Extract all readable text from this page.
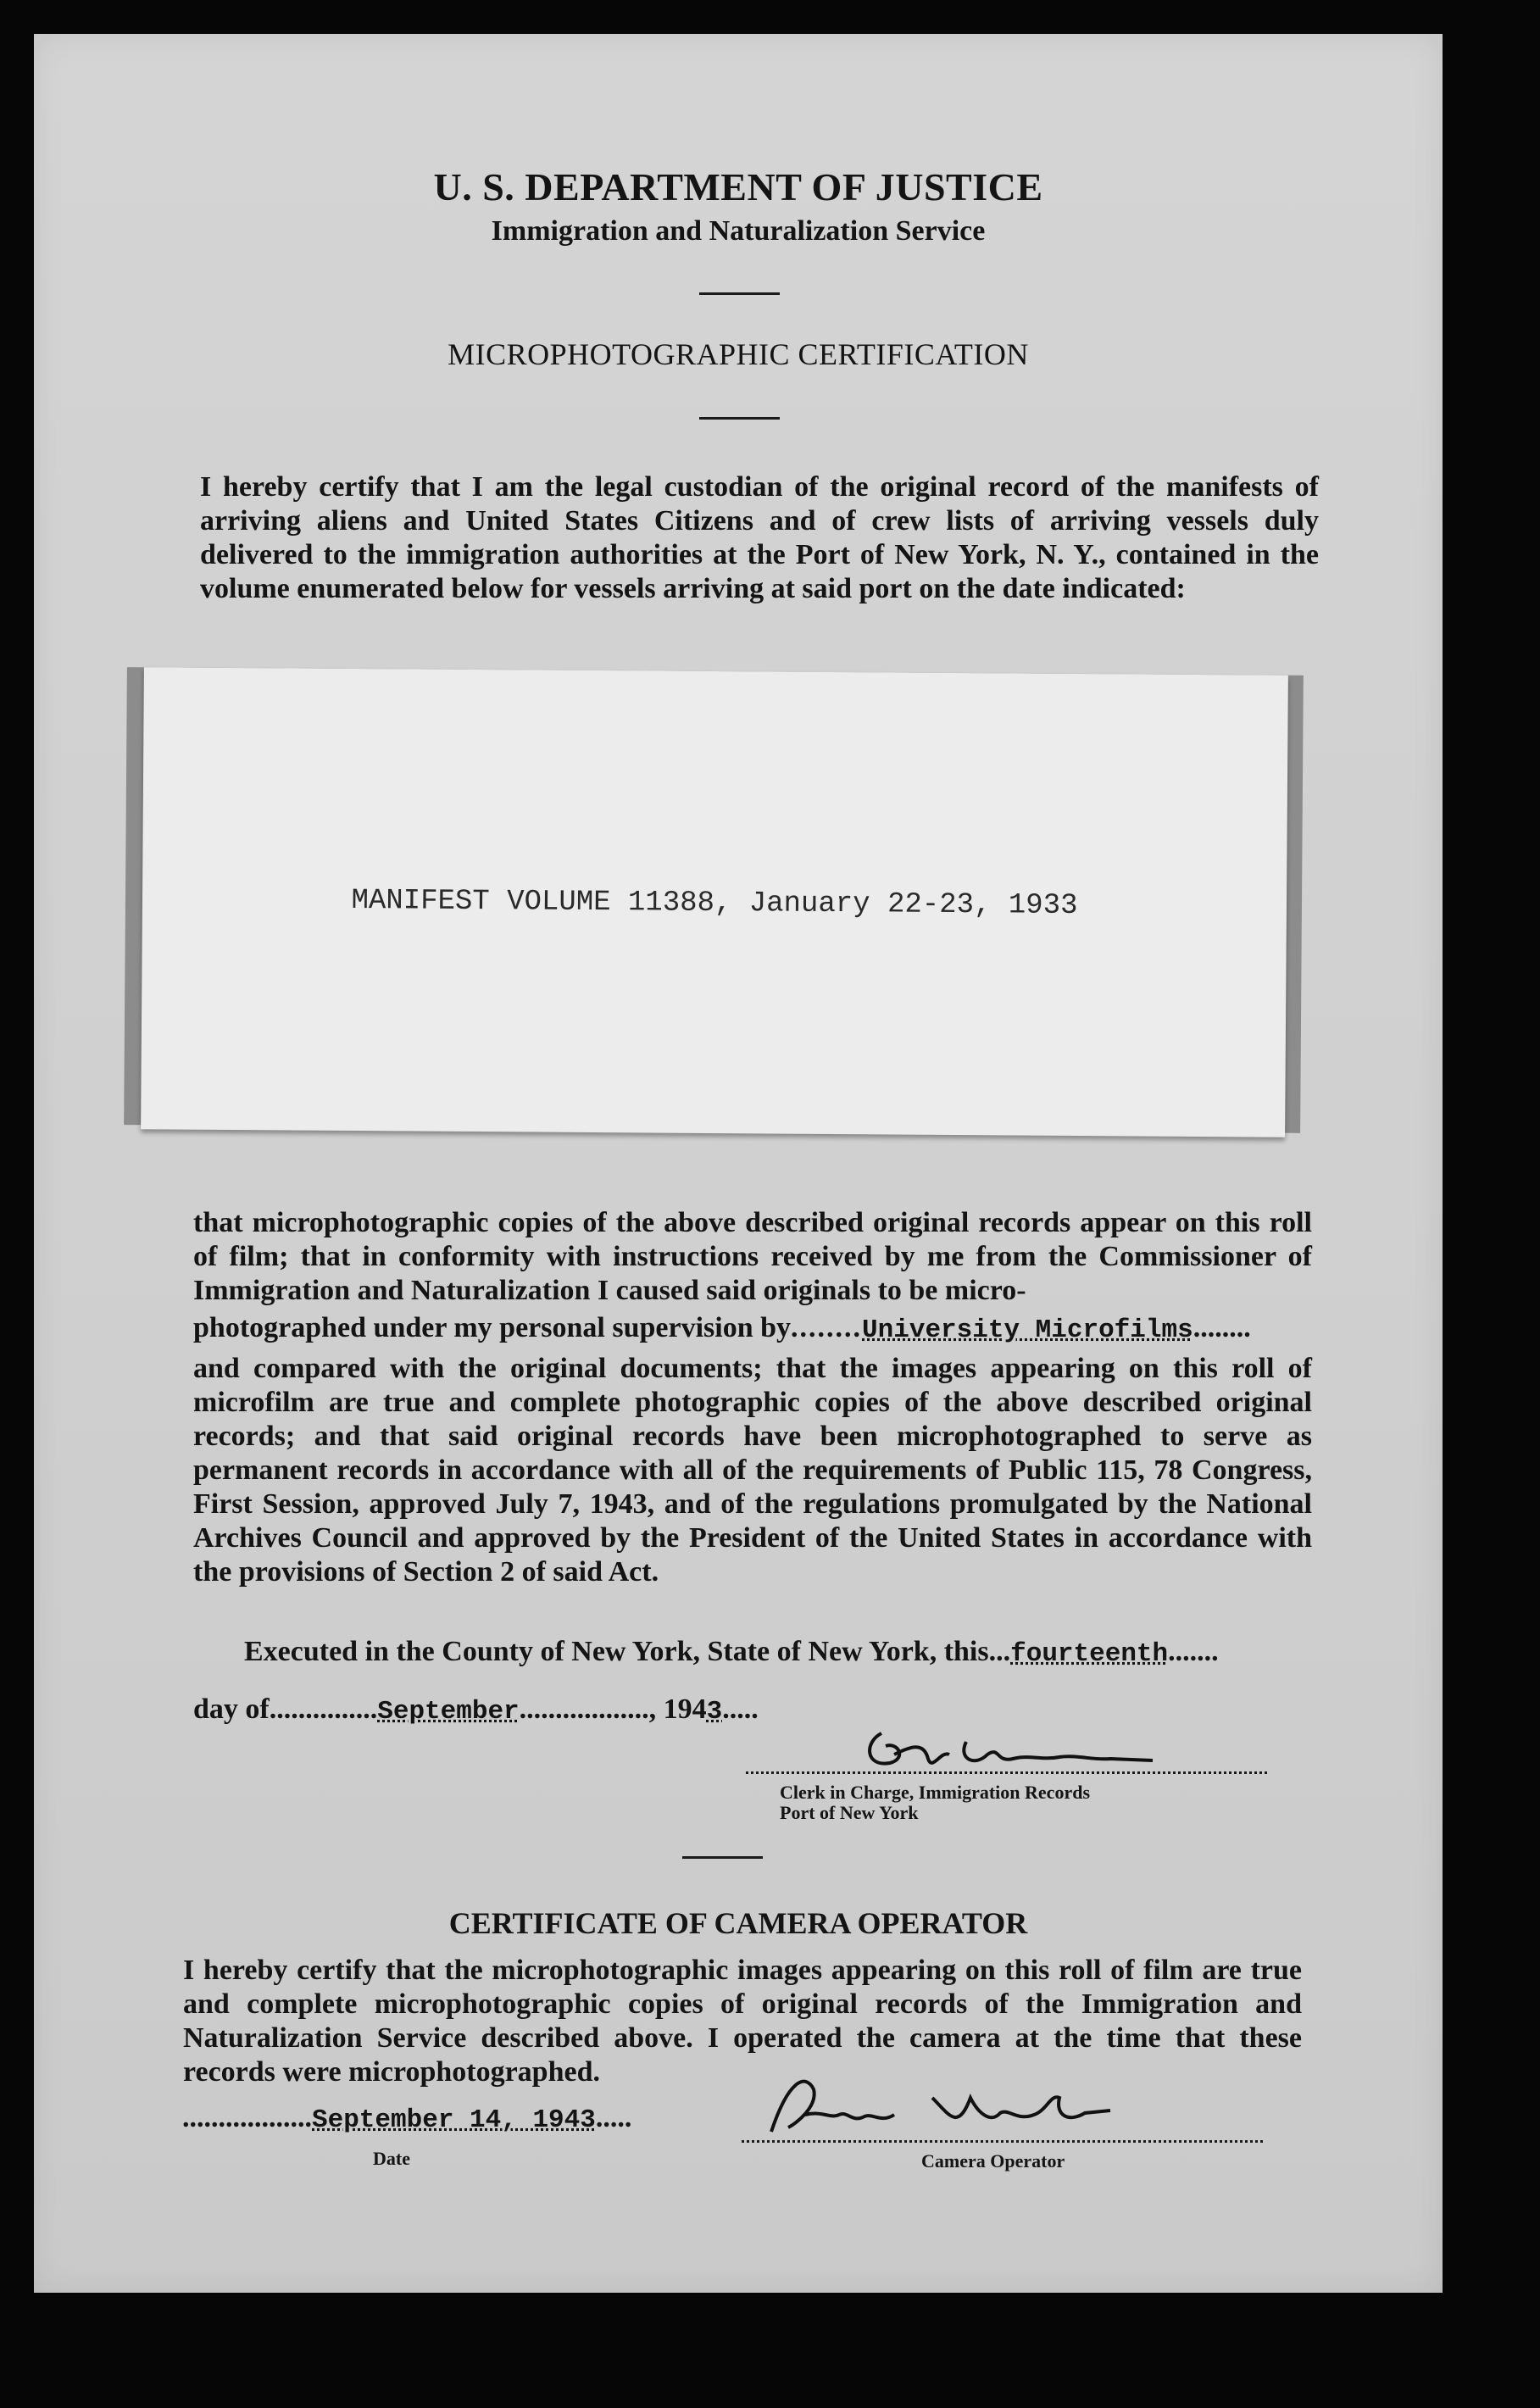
U. S. DEPARTMENT OF JUSTICE
Immigration and Naturalization Service
MICROPHOTOGRAPHIC CERTIFICATION
I hereby certify that I am the legal custodian of the original record of the manifests of arriving aliens and United States Citizens and of crew lists of arriving vessels duly delivered to the immigration authorities at the Port of New York, N. Y., contained in the volume enumerated below for vessels arriving at said port on the date indicated:
MANIFEST VOLUME 11388, January 22-23, 1933
that microphotographic copies of the above described original records appear on this roll of film; that in conformity with instructions received by me from the Commissioner of Immigration and Naturalization I caused said originals to be micro-
photographed under my personal supervision by........University Microfilms........
and compared with the original documents; that the images appearing on this roll of microfilm are true and complete photographic copies of the above described original records; and that said original records have been microphotographed to serve as permanent records in accordance with all of the requirements of Public 115, 78 Congress, First Session, approved July 7, 1943, and of the regulations promulgated by the National Archives Council and approved by the President of the United States in accordance with the provisions of Section 2 of said Act.
Executed in the County of New York, State of New York, this...fourteenth.......
day of...............September.................., 1943.....
Clerk in Charge, Immigration Records
Port of New York
CERTIFICATE OF CAMERA OPERATOR
I hereby certify that the microphotographic images appearing on this roll of film are true and complete microphotographic copies of original records of the Immigration and Naturalization Service described above. I operated the camera at the time that these records were microphotographed.
..................September 14, 1943.....
Date	Camera Operator
